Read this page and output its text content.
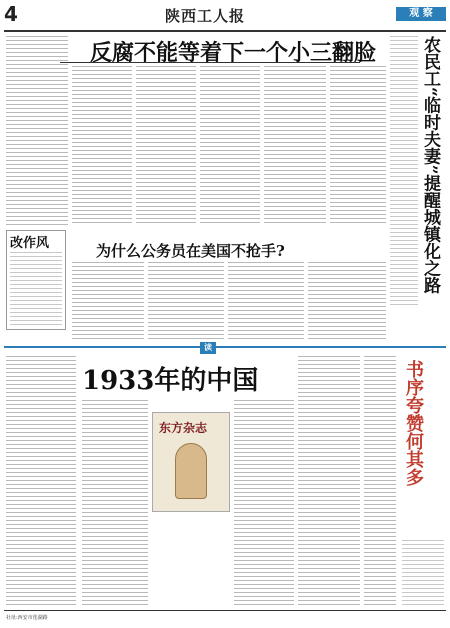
4	陕西工人报	观 察
反腐不能等着下一个小三翻脸	农民工“临时夫妻”提醒城镇化之路
改作风	为什么公务员在美国不抢手?
读
1933年的中国
东方杂志	书序夸赞何其多
社址:西安市莲湖路
